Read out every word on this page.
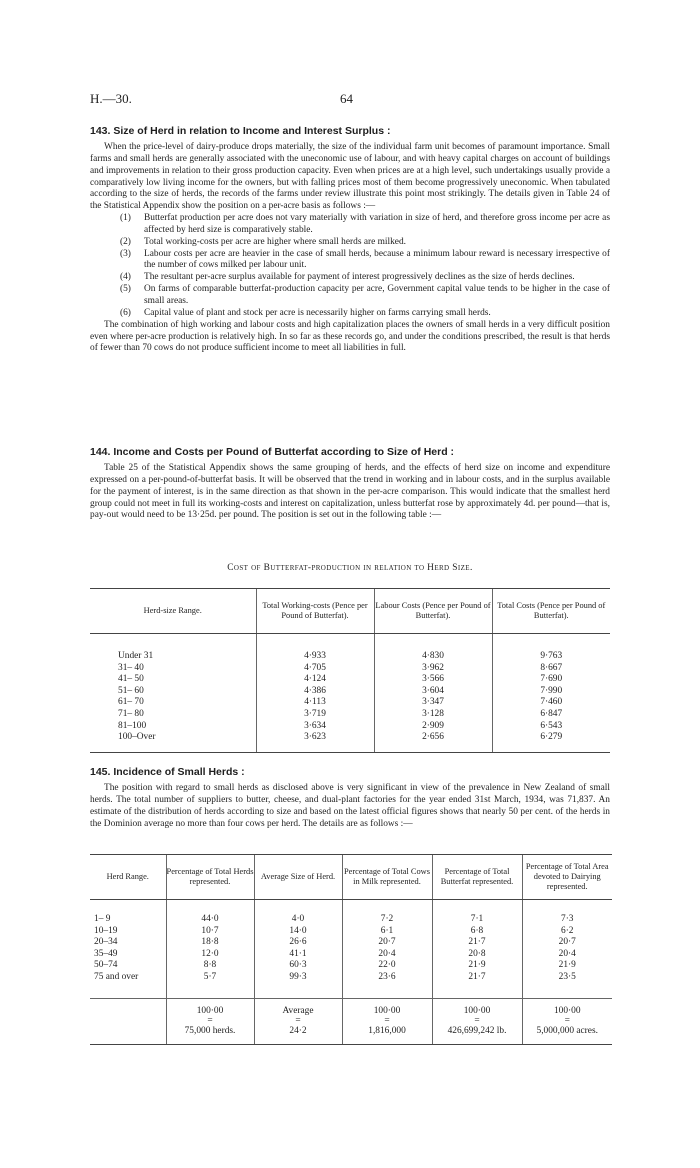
H.—30.	64
143. Size of Herd in relation to Income and Interest Surplus :

When the price-level of dairy-produce drops materially, the size of the individual farm unit becomes of paramount importance. Small farms and small herds are generally associated with the uneconomic use of labour, and with heavy capital charges on account of buildings and improvements in relation to their gross production capacity. Even when prices are at a high level, such undertakings usually provide a comparatively low living income for the owners, but with falling prices most of them become progressively uneconomic. When tabulated according to the size of herds, the records of the farms under review illustrate this point most strikingly. The details given in Table 24 of the Statistical Appendix show the position on a per-acre basis as follows :—

(1) Butterfat production per acre does not vary materially with variation in size of herd, and therefore gross income per acre as affected by herd size is comparatively stable.
(2) Total working-costs per acre are higher where small herds are milked.
(3) Labour costs per acre are heavier in the case of small herds, because a minimum labour reward is necessary irrespective of the number of cows milked per labour unit.
(4) The resultant per-acre surplus available for payment of interest progressively declines as the size of herds declines.
(5) On farms of comparable butterfat-production capacity per acre, Government capital value tends to be higher in the case of small areas.
(6) Capital value of plant and stock per acre is necessarily higher on farms carrying small herds.

The combination of high working and labour costs and high capitalization places the owners of small herds in a very difficult position even where per-acre production is relatively high. In so far as these records go, and under the conditions prescribed, the result is that herds of fewer than 70 cows do not produce sufficient income to meet all liabilities in full.

144. Income and Costs per Pound of Butterfat according to Size of Herd :

Table 25 of the Statistical Appendix shows the same grouping of herds, and the effects of herd size on income and expenditure expressed on a per-pound-of-butterfat basis. It will be observed that the trend in working and in labour costs, and in the surplus available for the payment of interest, is in the same direction as that shown in the per-acre comparison. This would indicate that the smallest herd group could not meet in full its working-costs and interest on capitalization, unless butterfat rose by approximately 4d. per pound—that is, pay-out would need to be 13·25d. per pound. The position is set out in the following table :—

Cost of Butterfat-production in relation to Herd Size.
Herd-size Range.	Total Working-costs (Pence per Pound of Butterfat).	Labour Costs (Pence per Pound of Butterfat).	Total Costs (Pence per Pound of Butterfat).

Under 31	4·933	4·830	9·763
31– 40	4·705	3·962	8·667
41– 50	4·124	3·566	7·690
51– 60	4·386	3·604	7·990
61– 70	4·113	3·347	7·460
71– 80	3·719	3·128	6·847
81–100	3·634	2·909	6·543
100–Over	3·623	2·656	6·279

145. Incidence of Small Herds :

The position with regard to small herds as disclosed above is very significant in view of the prevalence in New Zealand of small herds. The total number of suppliers to butter, cheese, and dual-plant factories for the year ended 31st March, 1934, was 71,837. An estimate of the distribution of herds according to size and based on the latest official figures shows that nearly 50 per cent. of the herds in the Dominion average no more than four cows per herd. The details are as follows :—

Herd Range.	Percentage of Total Herds represented.	Average Size of Herd.	Percentage of Total Cows in Milk represented.	Percentage of Total Butterfat represented.	Percentage of Total Area devoted to Dairying represented.

1– 9	44·0	4·0	7·2	7·1	7·3
10–19	10·7	14·0	6·1	6·8	6·2
20–34	18·8	26·6	20·7	21·7	20·7
35–49	12·0	41·1	20·4	20·8	20·4
50–74	8·8	60·3	22·0	21·9	21·9
75 and over	5·7	99·3	23·6	21·7	23·5

	100·00	Average	100·00	100·00	100·00
	=	=	=	=	=
	75,000 herds.	24·2	1,816,000	426,699,242 lb.	5,000,000 acres.
